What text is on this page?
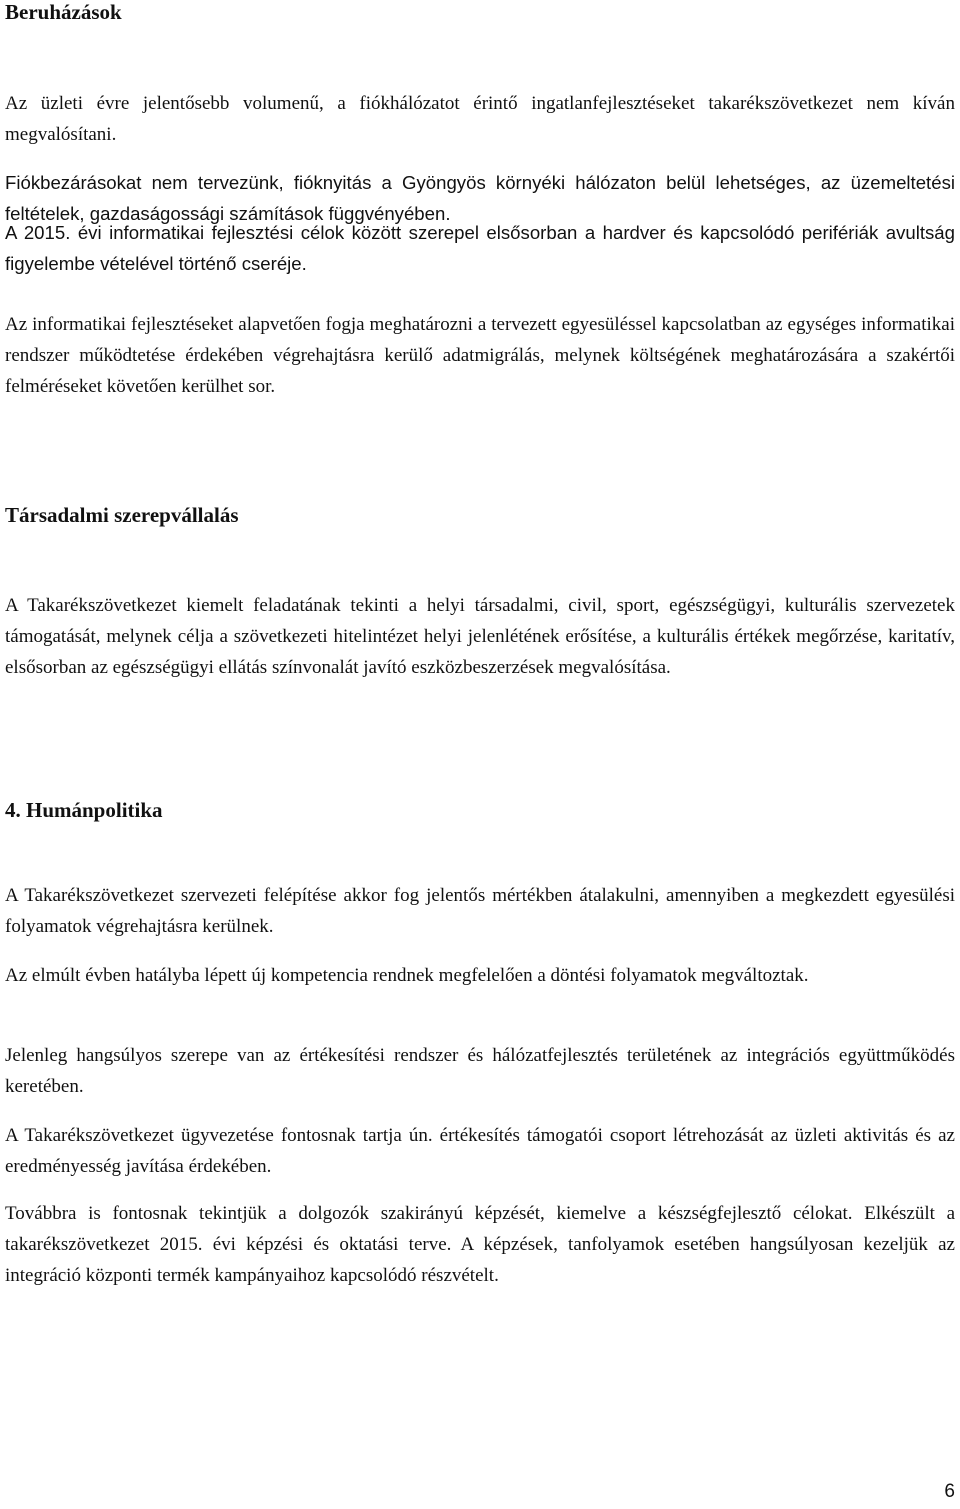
Beruházások

Az üzleti évre jelentősebb volumenű, a fiókhálózatot érintő ingatlanfejlesztéseket takarékszövetkezet nem kíván megvalósítani.

Fiókbezárásokat nem tervezünk, fióknyitás a Gyöngyös környéki hálózaton belül lehetséges, az üzemeltetési feltételek, gazdaságossági számítások függvényében.

A 2015. évi informatikai fejlesztési célok között szerepel elsősorban a hardver és kapcsolódó perifériák avultság figyelembe vételével történő cseréje.

Az informatikai fejlesztéseket alapvetően fogja meghatározni a tervezett egyesüléssel kapcsolatban az egységes informatikai rendszer működtetése érdekében végrehajtásra kerülő adatmigrálás, melynek költségének meghatározására a szakértői felméréseket követően kerülhet sor.

Társadalmi szerepvállalás

A Takarékszövetkezet kiemelt feladatának tekinti a helyi társadalmi, civil, sport, egészségügyi, kulturális szervezetek támogatását, melynek célja a szövetkezeti hitelintézet helyi jelenlétének erősítése, a kulturális értékek megőrzése, karitatív, elsősorban az egészségügyi ellátás színvonalát javító eszközbeszerzések megvalósítása.

4. Humánpolitika

A Takarékszövetkezet szervezeti felépítése akkor fog jelentős mértékben átalakulni, amennyiben a megkezdett egyesülési folyamatok végrehajtásra kerülnek.

Az elmúlt évben hatályba lépett új kompetencia rendnek megfelelően a döntési folyamatok megváltoztak.

Jelenleg hangsúlyos szerepe van az értékesítési rendszer és hálózatfejlesztés területének az integrációs együttműködés keretében.

A Takarékszövetkezet ügyvezetése fontosnak tartja ún. értékesítés támogatói csoport létrehozását az üzleti aktivitás és az eredményesség javítása érdekében.

Továbbra is fontosnak tekintjük a dolgozók szakirányú képzését, kiemelve a készségfejlesztő célokat. Elkészült a takarékszövetkezet 2015. évi képzési és oktatási terve. A képzések, tanfolyamok esetében hangsúlyosan kezeljük az integráció központi termék kampányaihoz kapcsolódó részvételt.

6
